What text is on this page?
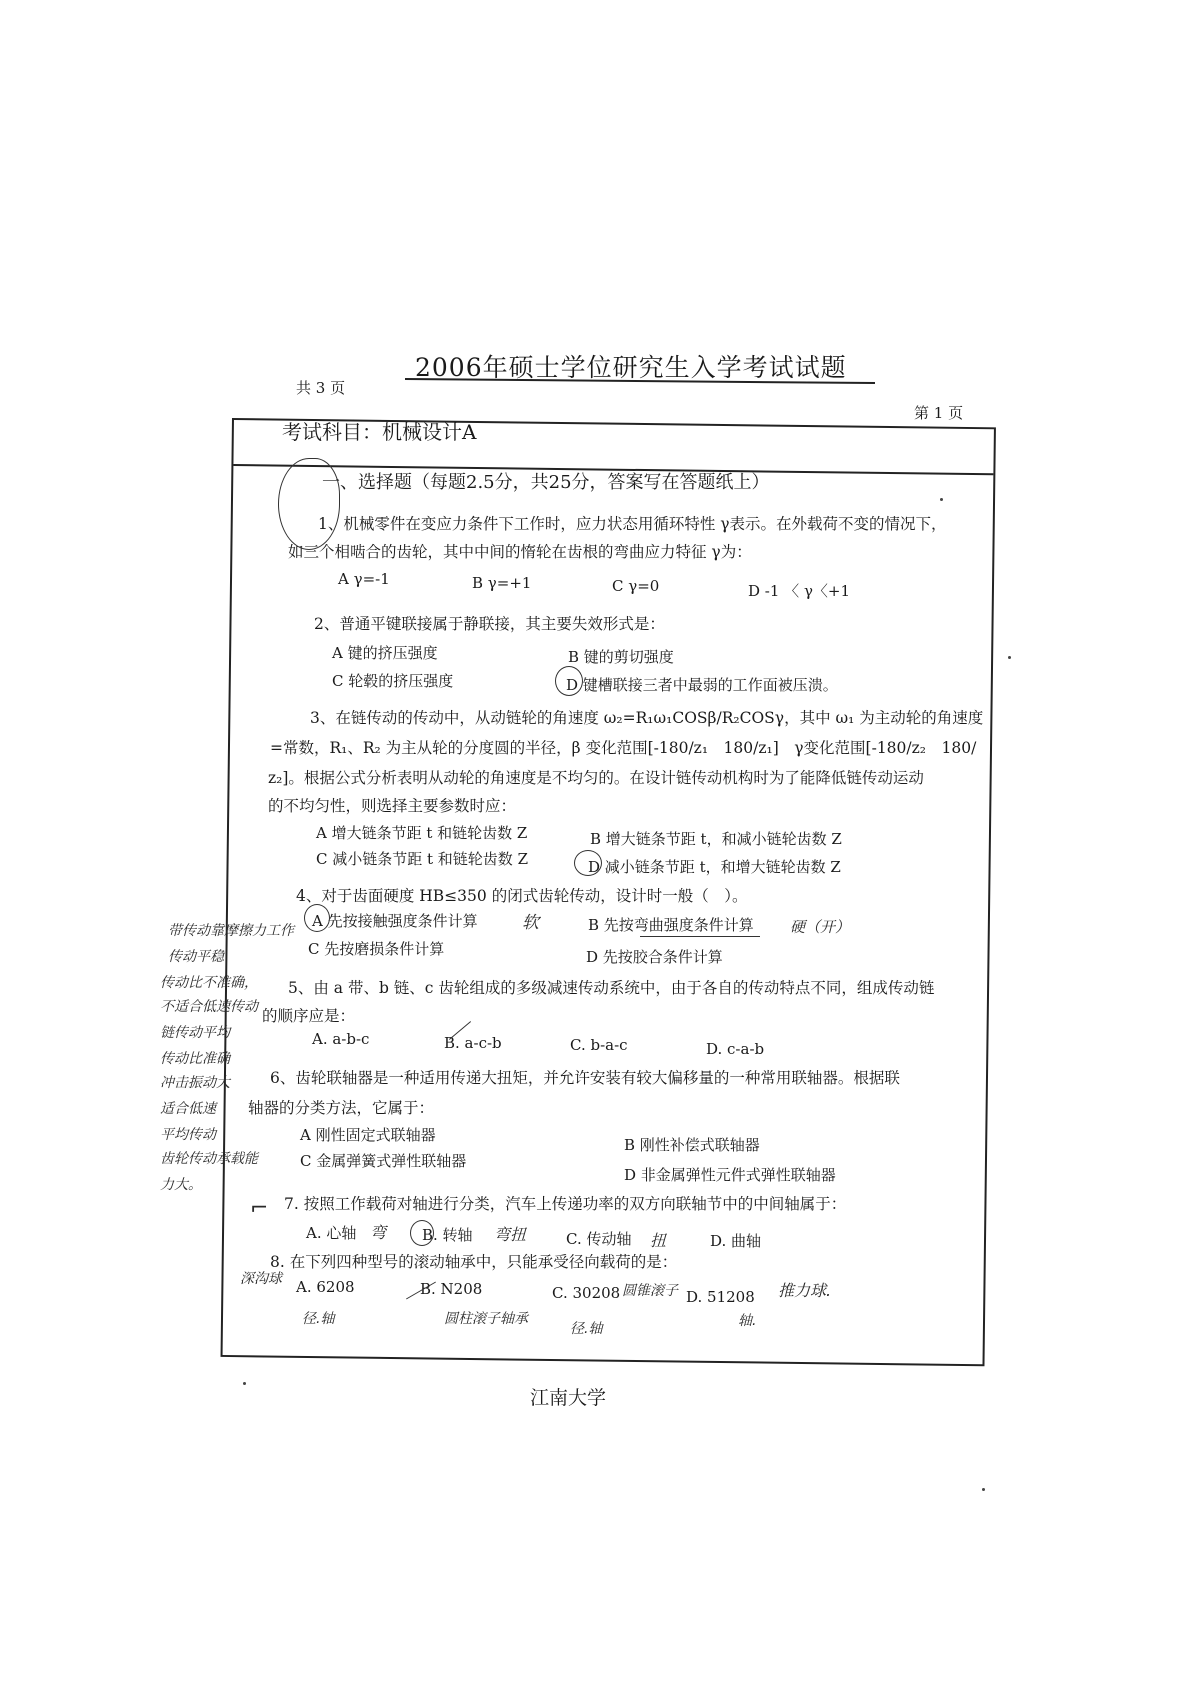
2006年硕士学位研究生入学考试试题
共 3 页
第 1 页
考试科目：机械设计A
一、选择题（每题2.5分，共25分，答案写在答题纸上）
1、机械零件在变应力条件下工作时，应力状态用循环特性 γ表示。在外载荷不变的情况下，
如三个相啮合的齿轮，其中中间的惰轮在齿根的弯曲应力特征 γ为：
A γ=-1	B γ=+1	C γ=0	D -1 〈 γ〈+1
2、普通平键联接属于静联接，其主要失效形式是：
A 键的挤压强度	B 键的剪切强度
C 轮毂的挤压强度	D 键槽联接三者中最弱的工作面被压溃。
3、在链传动的传动中，从动链轮的角速度 ω₂=R₁ω₁COSβ/R₂COSγ，其中 ω₁ 为主动轮的角速度
=常数，R₁、R₂ 为主从轮的分度圆的半径，β 变化范围[-180/z₁　180/z₁]　γ变化范围[-180/z₂　180/
z₂]。根据公式分析表明从动轮的角速度是不均匀的。在设计链传动机构时为了能降低链传动运动
的不均匀性，则选择主要参数时应：
A 增大链条节距 t 和链轮齿数 Z	B 增大链条节距 t，和减小链轮齿数 Z
C 减小链条节距 t 和链轮齿数 Z	D 减小链条节距 t，和增大链轮齿数 Z
4、对于齿面硬度 HB≤350 的闭式齿轮传动，设计时一般（　）。
A 先按接触强度条件计算	软	B 先按弯曲强度条件计算 硬（开）
C 先按磨损条件计算	D 先按胶合条件计算
5、由 a 带、b 链、c 齿轮组成的多级减速传动系统中，由于各自的传动特点不同，组成传动链
的顺序应是：
A. a-b-c	B. a-c-b	C. b-a-c	D. c-a-b
6、齿轮联轴器是一种适用传递大扭矩，并允许安装有较大偏移量的一种常用联轴器。根据联
轴器的分类方法，它属于：
A 刚性固定式联轴器
B 刚性补偿式联轴器
C 金属弹簧式弹性联轴器
D 非金属弹性元件式弹性联轴器
7. 按照工作载荷对轴进行分类，汽车上传递功率的双方向联轴节中的中间轴属于：
A. 心轴 弯 B. 转轴 弯扭	C. 传动轴 扭	D. 曲轴
⌐
8. 在下列四种型号的滚动轴承中，只能承受径向载荷的是：
深沟球 A. 6208	B. N208	C. 30208 圆锥滚子 D. 51208 推力球.
径.轴	圆柱滚子轴承
径.轴	轴.
带传动靠摩擦力工作
传动平稳
传动比不准确，
不适合低速传动
链传动平均
传动比准确
冲击振动大
适合低速
平均传动
齿轮传动承载能
力大。
江南大学
